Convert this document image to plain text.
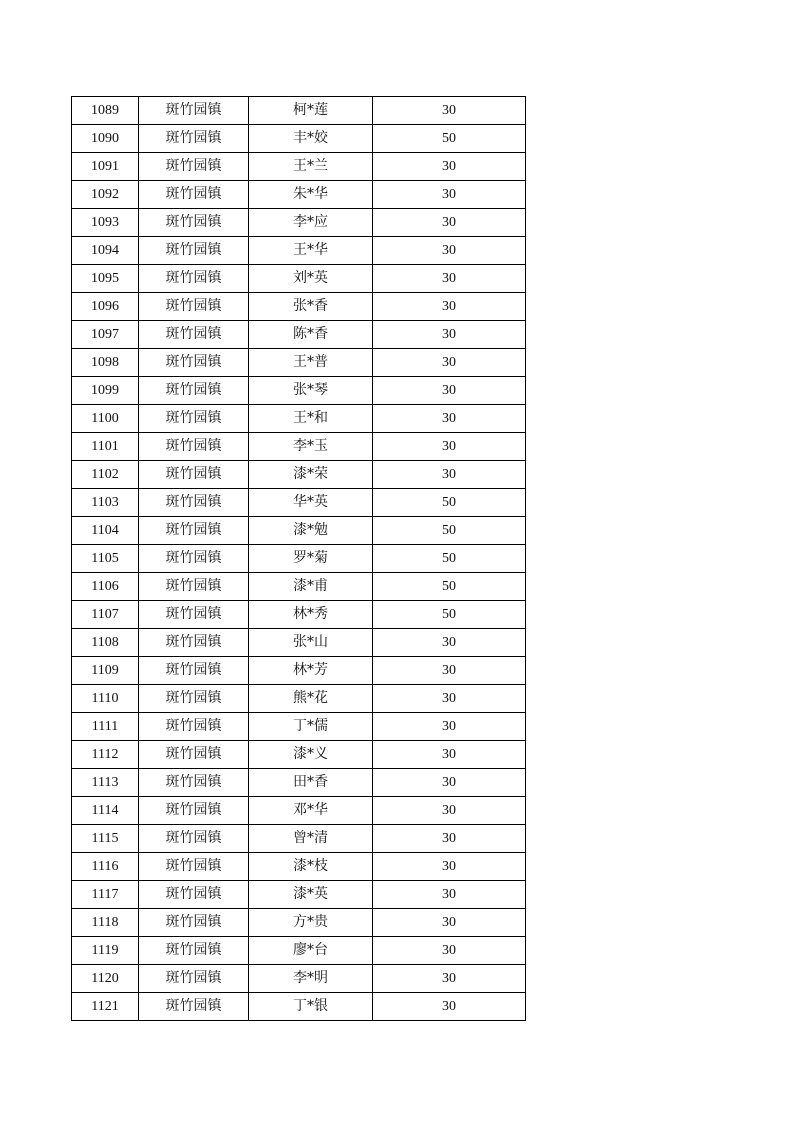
1089	斑竹园镇	柯*莲	30
1090	斑竹园镇	丰*姣	50
1091	斑竹园镇	王*兰	30
1092	斑竹园镇	朱*华	30
1093	斑竹园镇	李*应	30
1094	斑竹园镇	王*华	30
1095	斑竹园镇	刘*英	30
1096	斑竹园镇	张*香	30
1097	斑竹园镇	陈*香	30
1098	斑竹园镇	王*普	30
1099	斑竹园镇	张*琴	30
1100	斑竹园镇	王*和	30
1101	斑竹园镇	李*玉	30
1102	斑竹园镇	漆*荣	30
1103	斑竹园镇	华*英	50
1104	斑竹园镇	漆*勉	50
1105	斑竹园镇	罗*菊	50
1106	斑竹园镇	漆*甫	50
1107	斑竹园镇	林*秀	50
1108	斑竹园镇	张*山	30
1109	斑竹园镇	林*芳	30
1110	斑竹园镇	熊*花	30
1111	斑竹园镇	丁*儒	30
1112	斑竹园镇	漆*义	30
1113	斑竹园镇	田*香	30
1114	斑竹园镇	邓*华	30
1115	斑竹园镇	曾*清	30
1116	斑竹园镇	漆*枝	30
1117	斑竹园镇	漆*英	30
1118	斑竹园镇	方*贵	30
1119	斑竹园镇	廖*台	30
1120	斑竹园镇	李*明	30
1121	斑竹园镇	丁*银	30
